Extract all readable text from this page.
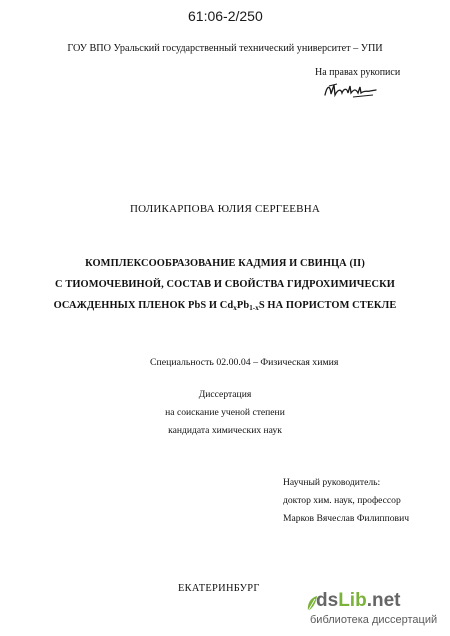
61:06-2/250
ГОУ ВПО Уральский государственный технический университет – УПИ
На правах рукописи
ПОЛИКАРПОВА ЮЛИЯ СЕРГЕЕВНА
КОМПЛЕКСООБРАЗОВАНИЕ КАДМИЯ И СВИНЦА (II)
С ТИОМОЧЕВИНОЙ, СОСТАВ И СВОЙСТВА ГИДРОХИМИЧЕСКИ
ОСАЖДЕННЫХ ПЛЕНОК PbS И $Cd_xPb_{1-x}S$ НА ПОРИСТОМ СТЕКЛЕ
Специальность 02.00.04 – Физическая химия
Диссертация
на соискание ученой степени
кандидата химических наук
Научный руководитель:
доктор хим. наук, профессор
Марков Вячеслав Филиппович
ЕКАТЕРИНБУРГ
dsLib.net
библиотека диссертаций
